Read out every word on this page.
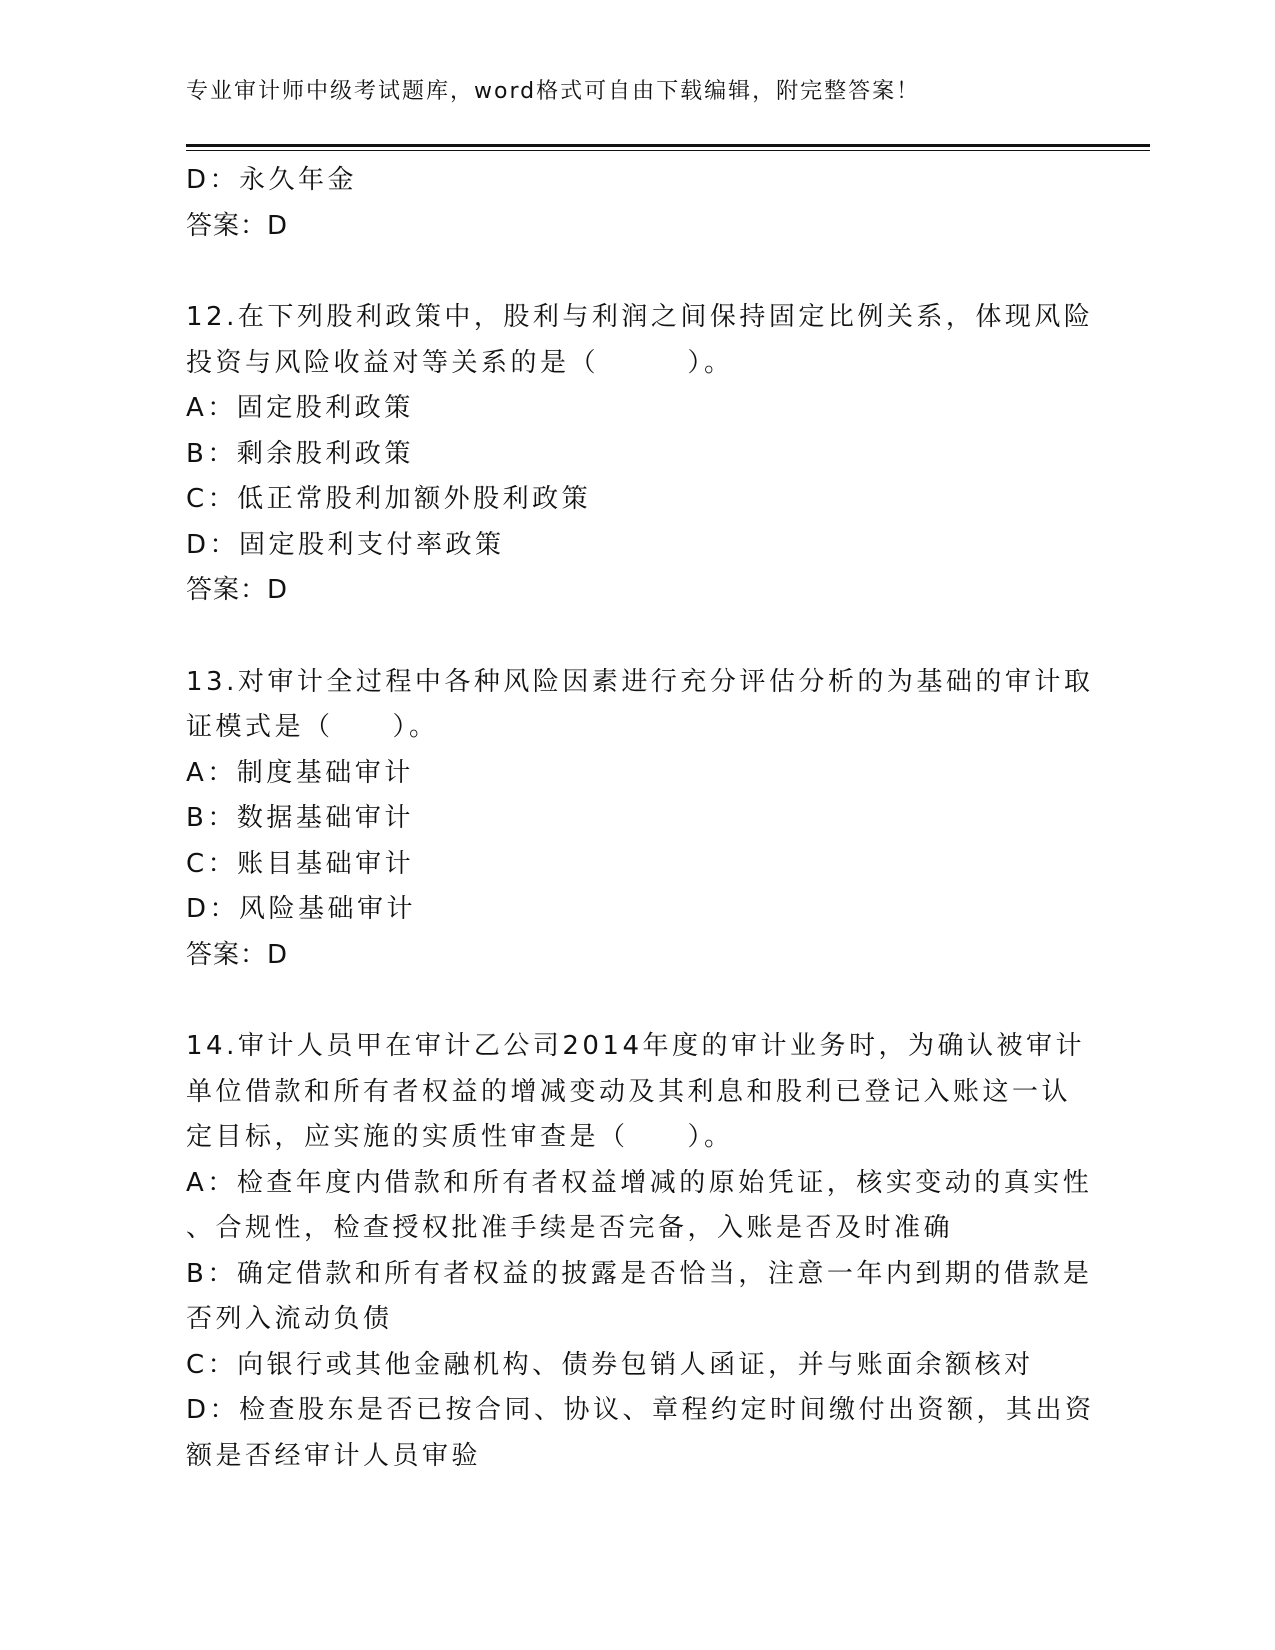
专业审计师中级考试题库，word格式可自由下载编辑，附完整答案！
D：永久年金
答案：D
12.在下列股利政策中，股利与利润之间保持固定比例关系，体现风险
投资与风险收益对等关系的是（　　　）。
A：固定股利政策
B：剩余股利政策
C：低正常股利加额外股利政策
D：固定股利支付率政策
答案：D
13.对审计全过程中各种风险因素进行充分评估分析的为基础的审计取
证模式是（　　）。
A：制度基础审计
B：数据基础审计
C：账目基础审计
D：风险基础审计
答案：D
14.审计人员甲在审计乙公司2014年度的审计业务时，为确认被审计
单位借款和所有者权益的增减变动及其利息和股利已登记入账这一认
定目标，应实施的实质性审查是（　　）。
A：检查年度内借款和所有者权益增减的原始凭证，核实变动的真实性
、合规性，检查授权批准手续是否完备，入账是否及时准确
B：确定借款和所有者权益的披露是否恰当，注意一年内到期的借款是
否列入流动负债
C：向银行或其他金融机构、债券包销人函证，并与账面余额核对
D：检查股东是否已按合同、协议、章程约定时间缴付出资额，其出资
额是否经审计人员审验
